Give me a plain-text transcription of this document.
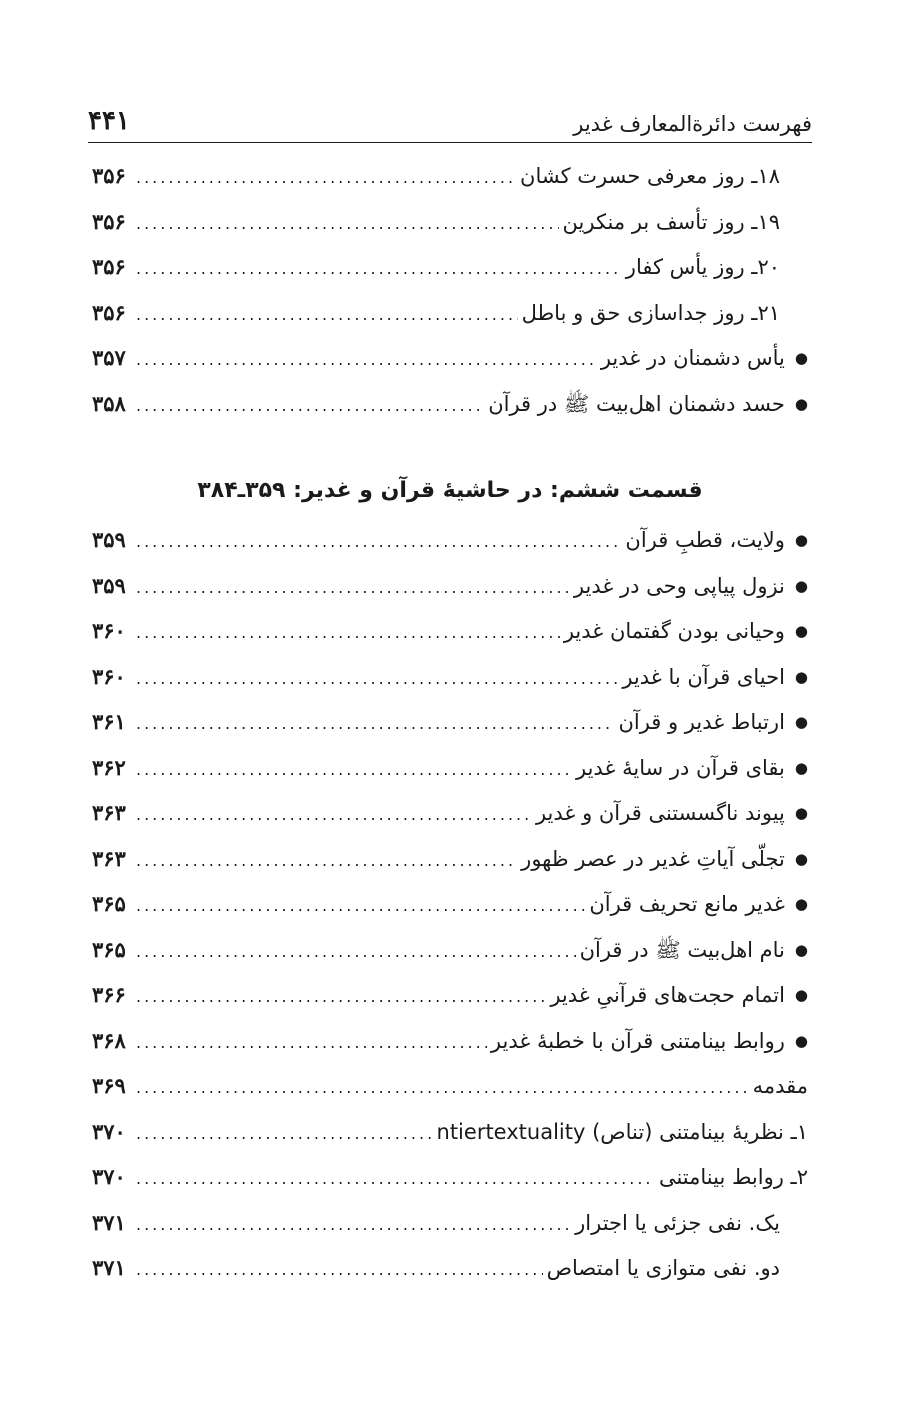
فهرست دائرةالمعارف غدیر
۴۴۱
۱۸ـ روز معرفی حسرت کشان
.....
۳۵۶
۱۹ـ روز تأسف بر منکرین
.....
۳۵۶
۲۰ـ روز یأس کفار
.....
۳۵۶
۲۱ـ روز جداسازی حق و باطل
.....
۳۵۶
● یأس دشمنان در غدیر
.....
۳۵۷
● حسد دشمنان اهل‌بیت ﷺ در قرآن
.....
۳۵۸
قسمت ششم: در حاشیهٔ قرآن و غدیر: ۳۵۹ـ۳۸۴
● ولایت، قطبِ قرآن
.....
۳۵۹
● نزول پیاپی وحی در غدیر
.....
۳۵۹
● وحیانی بودن گفتمان غدیر
.....
۳۶۰
● احیای قرآن با غدیر
.....
۳۶۰
● ارتباط غدیر و قرآن
.....
۳۶۱
● بقای قرآن در سایهٔ غدیر
.....
۳۶۲
● پیوند ناگسستنی قرآن و غدیر
.....
۳۶۳
● تجلّی آیاتِ غدیر در عصر ظهور
.....
۳۶۳
● غدیر مانع تحریف قرآن
.....
۳۶۵
● نام اهل‌بیت ﷺ در قرآن
.....
۳۶۵
● اتمام حجت‌های قرآنیِ غدیر
.....
۳۶۶
● روابط بینامتنی قرآن با خطبهٔ غدیر
.....
۳۶۸
مقدمه
.....
۳۶۹
۱ـ نظریهٔ بینامتنی (تناص) ntiertextuality
.....
۳۷۰
۲ـ روابط بینامتنی
.....
۳۷۰
یک. نفی جزئی یا اجترار
.....
۳۷۱
دو. نفی متوازی یا امتصاص
.....
۳۷۱
